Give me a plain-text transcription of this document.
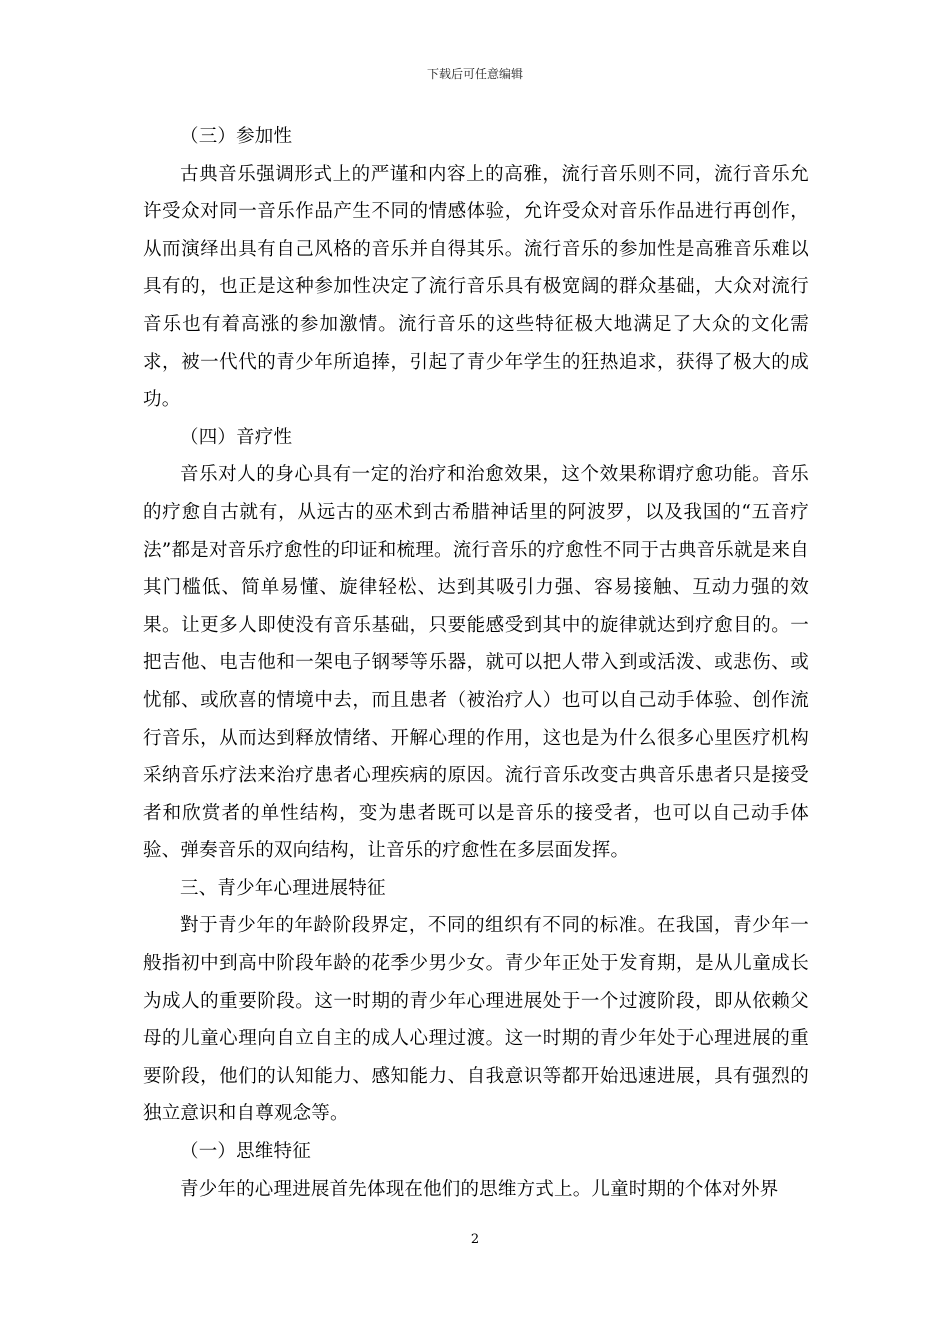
下载后可任意编辑

（三）参加性

古典音乐强调形式上的严谨和内容上的高雅，流行音乐则不同，流行音乐允许受众对同一音乐作品产生不同的情感体验，允许受众对音乐作品进行再创作，从而演绎出具有自己风格的音乐并自得其乐。流行音乐的参加性是高雅音乐难以具有的，也正是这种参加性决定了流行音乐具有极宽阔的群众基础，大众对流行音乐也有着高涨的参加激情。流行音乐的这些特征极大地满足了大众的文化需求，被一代代的青少年所追捧，引起了青少年学生的狂热追求，获得了极大的成功。

（四）音疗性

音乐对人的身心具有一定的治疗和治愈效果，这个效果称谓疗愈功能。音乐的疗愈自古就有，从远古的巫术到古希腊神话里的阿波罗，以及我国的“五音疗法”都是对音乐疗愈性的印证和梳理。流行音乐的疗愈性不同于古典音乐就是来自其门槛低、简单易懂、旋律轻松、达到其吸引力强、容易接触、互动力强的效果。让更多人即使没有音乐基础，只要能感受到其中的旋律就达到疗愈目的。一把吉他、电吉他和一架电子钢琴等乐器，就可以把人带入到或活泼、或悲伤、或忧郁、或欣喜的情境中去，而且患者（被治疗人）也可以自己动手体验、创作流行音乐，从而达到释放情绪、开解心理的作用，这也是为什么很多心里医疗机构采纳音乐疗法来治疗患者心理疾病的原因。流行音乐改变古典音乐患者只是接受者和欣赏者的单性结构，变为患者既可以是音乐的接受者，也可以自己动手体验、弹奏音乐的双向结构，让音乐的疗愈性在多层面发挥。

三、青少年心理进展特征

對于青少年的年龄阶段界定，不同的组织有不同的标准。在我国，青少年一般指初中到高中阶段年龄的花季少男少女。青少年正处于发育期，是从儿童成长为成人的重要阶段。这一时期的青少年心理进展处于一个过渡阶段，即从依赖父母的儿童心理向自立自主的成人心理过渡。这一时期的青少年处于心理进展的重要阶段，他们的认知能力、感知能力、自我意识等都开始迅速进展，具有强烈的独立意识和自尊观念等。

（一）思维特征

青少年的心理进展首先体现在他们的思维方式上。儿童时期的个体对外界

2
